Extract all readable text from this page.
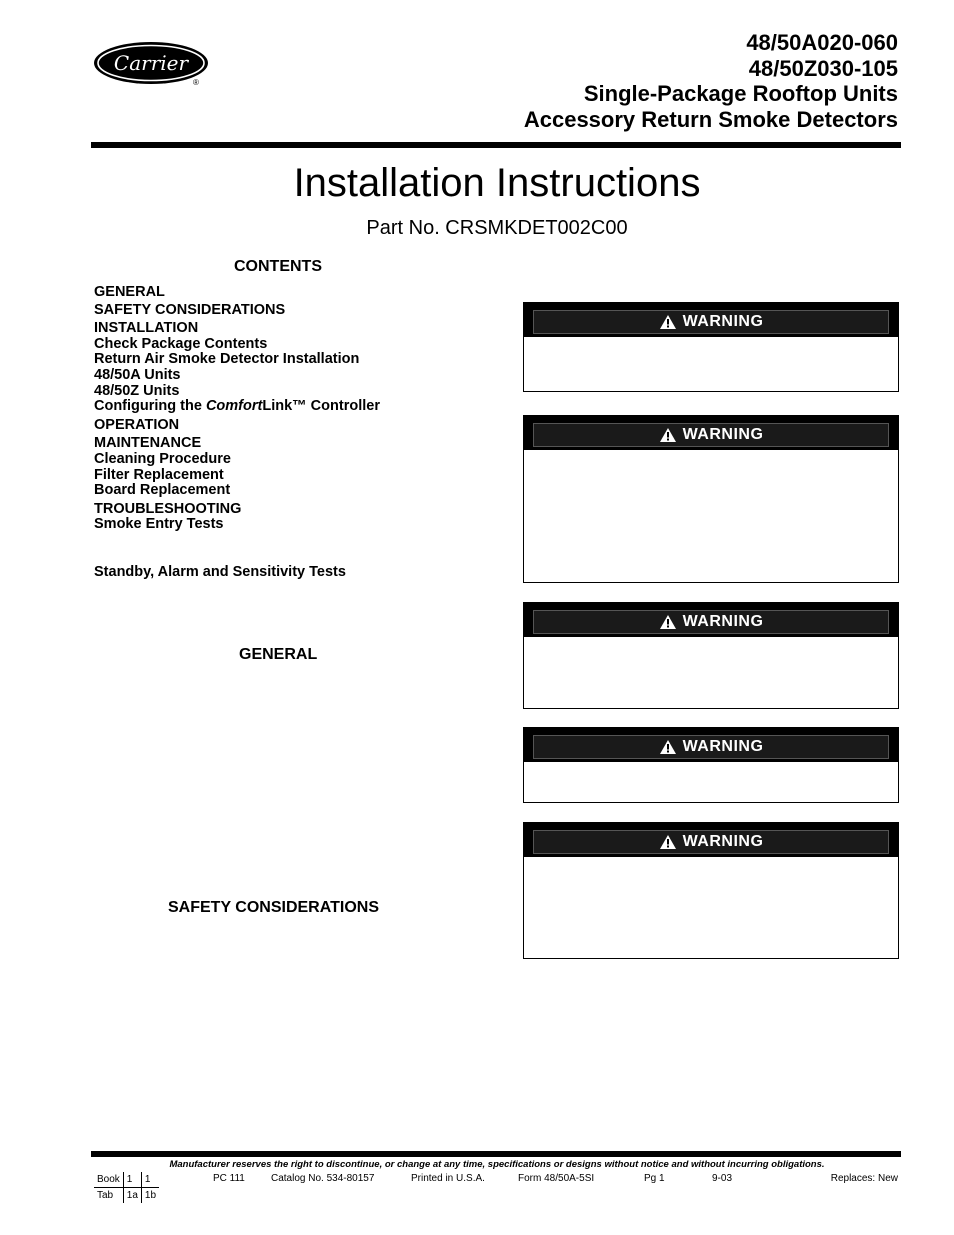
Carrier
®
48/50A020-060
48/50Z030-105
Single-Package Rooftop Units
Accessory Return Smoke Detectors
Installation Instructions
Part No. CRSMKDET002C00
CONTENTS
GENERAL
SAFETY CONSIDERATIONS
INSTALLATION
Check Package Contents
Return Air Smoke Detector Installation
48/50A Units
48/50Z Units
Configuring the ComfortLink™ Controller
OPERATION
MAINTENANCE
Cleaning Procedure
Filter Replacement
Board Replacement
TROUBLESHOOTING
Smoke Entry Tests
Standby, Alarm and Sensitivity Tests
GENERAL
SAFETY CONSIDERATIONS
WARNING
WARNING
WARNING
WARNING
WARNING
Manufacturer reserves the right to discontinue, or change at any time, specifications or designs without notice and without incurring obligations.
Book	1	1
Tab	1a	1b
PC 111	Catalog No. 534-80157	Printed in U.S.A.	Form 48/50A-5SI	Pg 1	9-03	Replaces: New
